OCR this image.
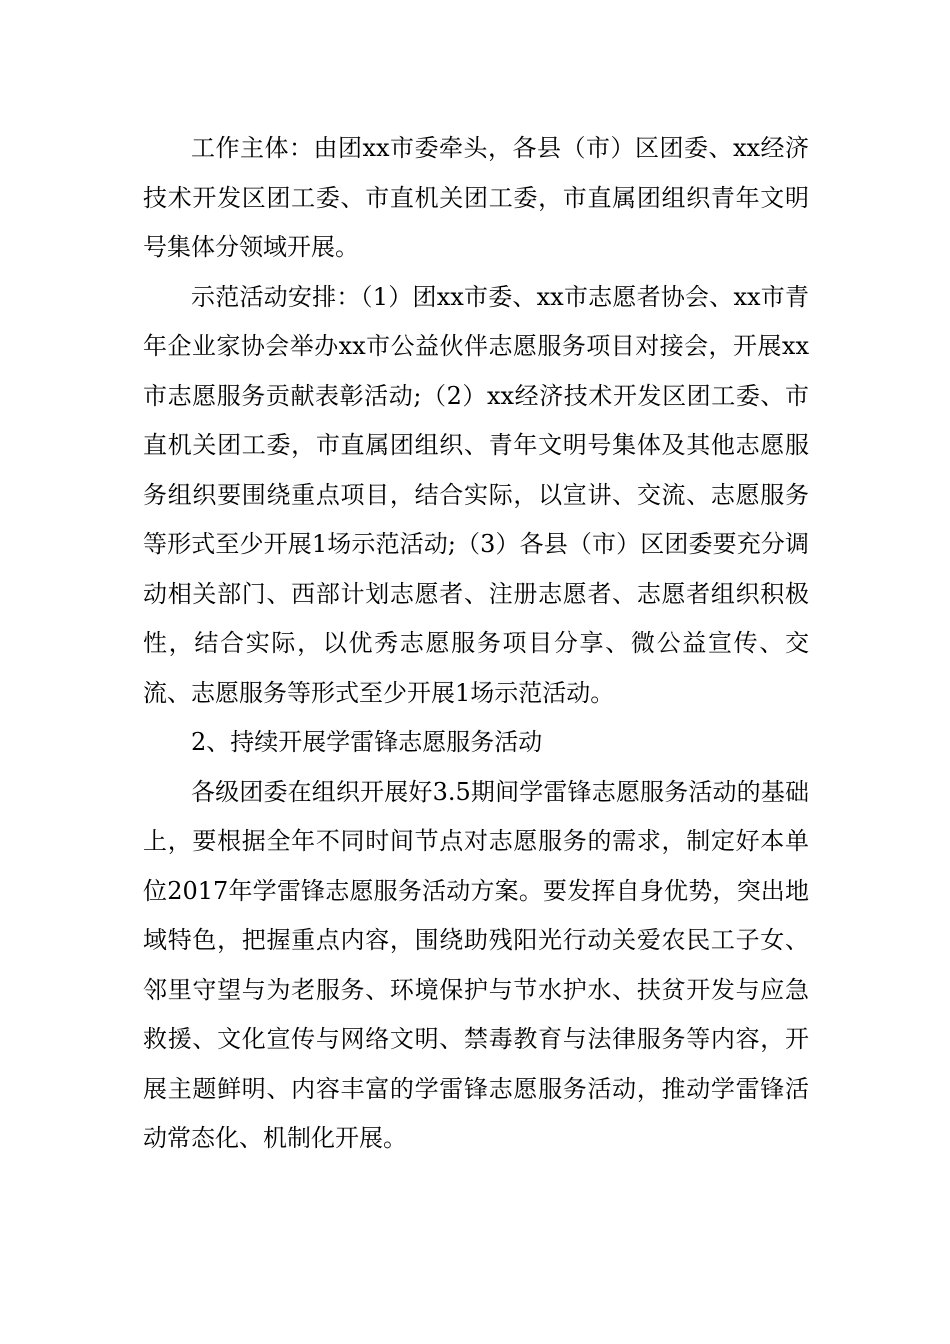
工作主体：由团xx市委牵头，各县（市）区团委、xx经济技术开发区团工委、市直机关团工委，市直属团组织青年文明号集体分领域开展。

示范活动安排：（1）团xx市委、xx市志愿者协会、xx市青年企业家协会举办xx市公益伙伴志愿服务项目对接会，开展xx市志愿服务贡献表彰活动;（2）xx经济技术开发区团工委、市直机关团工委，市直属团组织、青年文明号集体及其他志愿服务组织要围绕重点项目，结合实际，以宣讲、交流、志愿服务等形式至少开展1场示范活动;（3）各县（市）区团委要充分调动相关部门、西部计划志愿者、注册志愿者、志愿者组织积极性，结合实际，以优秀志愿服务项目分享、微公益宣传、交流、志愿服务等形式至少开展1场示范活动。

2、持续开展学雷锋志愿服务活动

各级团委在组织开展好3.5期间学雷锋志愿服务活动的基础上，要根据全年不同时间节点对志愿服务的需求，制定好本单位2017年学雷锋志愿服务活动方案。要发挥自身优势，突出地域特色，把握重点内容，围绕助残阳光行动关爱农民工子女、邻里守望与为老服务、环境保护与节水护水、扶贫开发与应急救援、文化宣传与网络文明、禁毒教育与法律服务等内容，开展主题鲜明、内容丰富的学雷锋志愿服务活动，推动学雷锋活动常态化、机制化开展。
